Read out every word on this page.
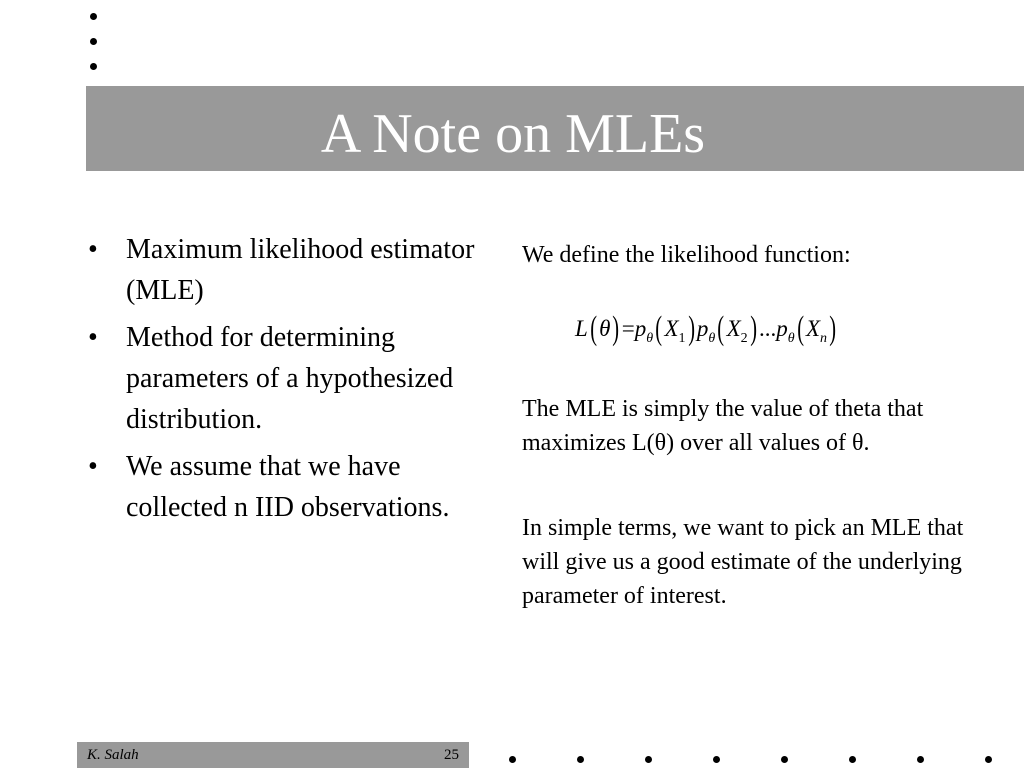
A Note on MLEs
• Maximum likelihood estimator (MLE)
• Method for determining parameters of a hypothesized distribution.
• We assume that we have collected n IID observations.

We define the likelihood function:

$L(\theta)=p_\theta(X_1)p_\theta(X_2)...p_\theta(X_n)$

The MLE is simply the value of theta that maximizes L(θ) over all values of θ.

In simple terms, we want to pick an MLE that will give us a good estimate of the underlying parameter of interest.

K. Salah	25
